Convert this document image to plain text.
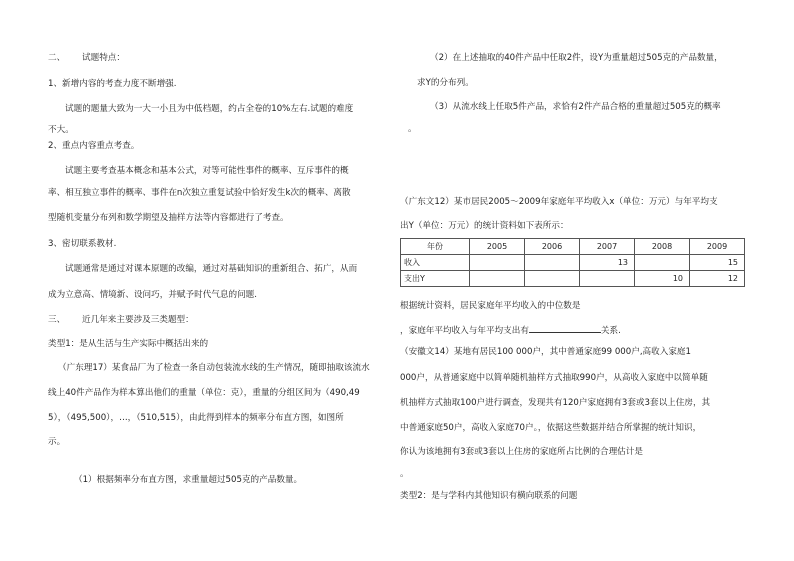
二、 试题特点：
1、新增内容的考查力度不断增强.
试题的题量大致为一大一小且为中低档题，约占全卷的10%左右.试题的难度
不大。
2、重点内容重点考查。
试题主要考查基本概念和基本公式，对等可能性事件的概率、互斥事件的概
率、相互独立事件的概率、事件在n次独立重复试验中恰好发生k次的概率、离散
型随机变量分布列和数学期望及抽样方法等内容都进行了考查。
3、密切联系教材.
试题通常是通过对课本原题的改编，通过对基础知识的重新组合、拓广，从而
成为立意高、情境新、设问巧，并赋予时代气息的问题.
三、 近几年来主要涉及三类题型：
类型1：是从生活与生产实际中概括出来的
（广东理17）某食品厂为了检查一条自动包装流水线的生产情况，随即抽取该流水
线上40件产品作为样本算出他们的重量（单位：克），重量的分组区间为（490,49
5），（495,500），…，（510,515），由此得到样本的频率分布直方图，如图所
示。
（1）根据频率分布直方图，求重量超过505克的产品数量。
（2）在上述抽取的40件产品中任取2件，设Y为重量超过505克的产品数量，
求Y的分布列。
（3）从流水线上任取5件产品，求恰有2件产品合格的重量超过505克的概率
。
（广东文12）某市居民2005～2009年家庭年平均收入x（单位：万元）与年平均支
出Y（单位：万元）的统计资料如下表所示：
年份	2005	2006	2007	2008	2009
收入			13		15
支出Y				10	12
根据统计资料，居民家庭年平均收入的中位数是
，家庭年平均收入与年平均支出有	关系.
（安徽文14）某地有居民100 000户，其中普通家庭99 000户,高收入家庭1
000户，从普通家庭中以简单随机抽样方式抽取990户，从高收入家庭中以简单随
机抽样方式抽取100户进行调查，发现共有120户家庭拥有3套或3套以上住房，其
中普通家庭50户，高收入家庭70户。，依据这些数据并结合所掌握的统计知识，
你认为该地拥有3套或3套以上住房的家庭所占比例的合理估计是
。
类型2：是与学科内其他知识有横向联系的问题
